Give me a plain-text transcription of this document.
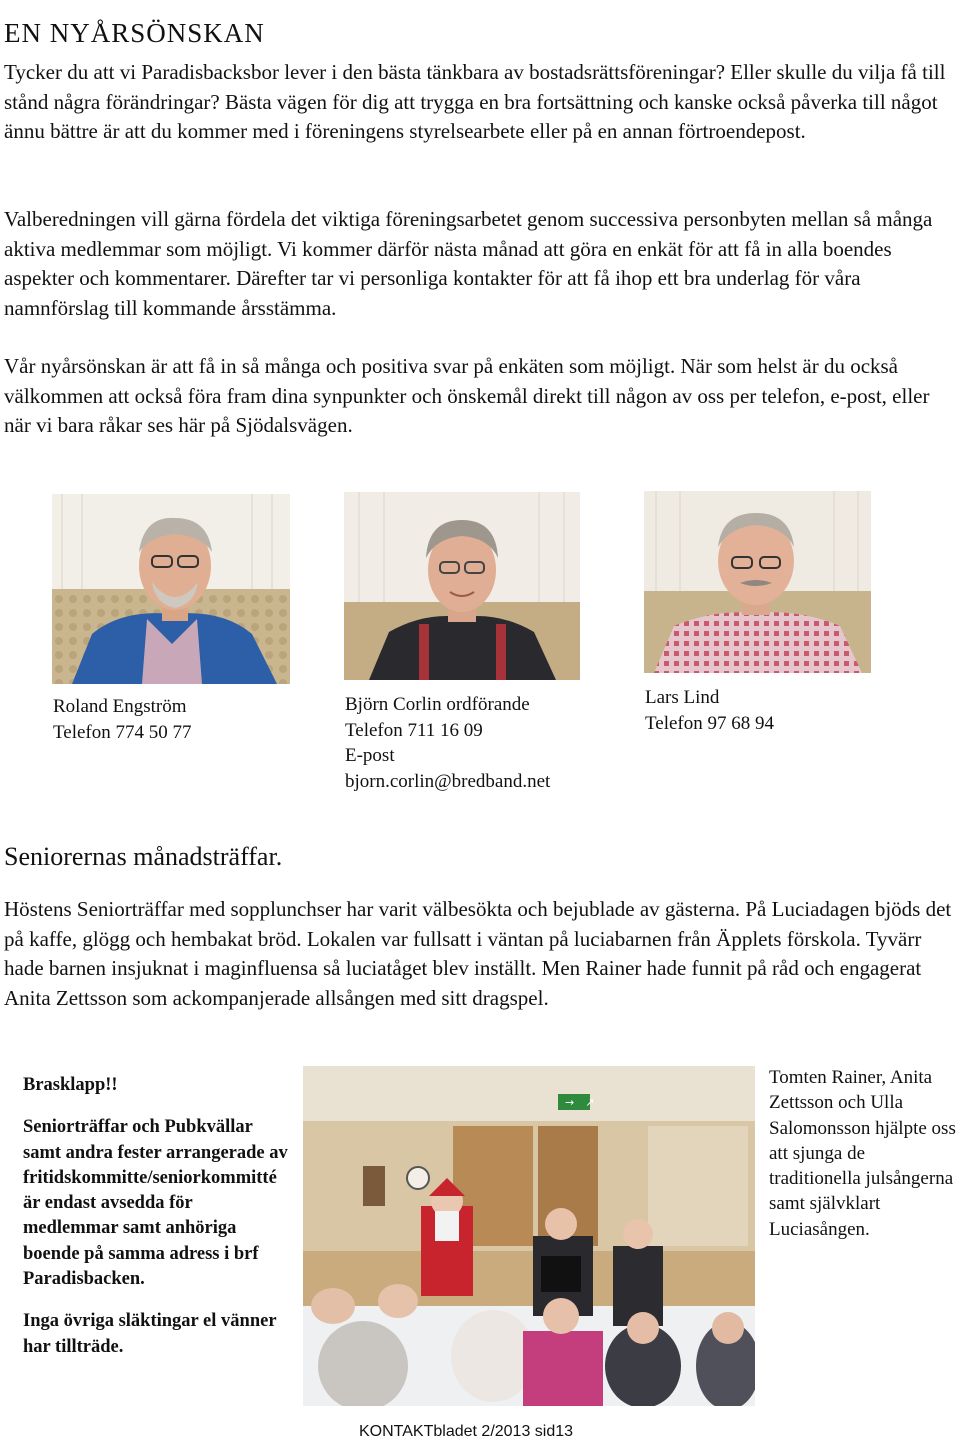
EN NYÅRSÖNSKAN

Tycker du att vi Paradisbacksbor lever i den bästa tänkbara av bostadsrättsföreningar? Eller skulle du vilja få till stånd några förändringar? Bästa vägen för dig att trygga en bra fortsättning och kanske också påverka till något ännu bättre är att du kommer med i föreningens styrelsearbete eller på en annan förtroendepost.

Valberedningen vill gärna fördela det viktiga föreningsarbetet genom successiva personbyten mellan så många aktiva medlemmar som möjligt. Vi kommer därför nästa månad att göra en enkät för att få in alla boendes aspekter och kommentarer. Därefter tar vi personliga kontakter för att få ihop ett bra underlag för våra namnförslag till kommande årsstämma.

Vår nyårsönskan är att få in så många och positiva svar på enkäten som möjligt. När som helst är du också välkommen att också föra fram dina synpunkter och önskemål direkt till någon av oss per telefon, e-post, eller när vi bara råkar ses här på Sjödalsvägen.

Roland Engström
Telefon 774 50 77
Björn Corlin ordförande
Telefon 711 16 09
E-post
bjorn.corlin@bredband.net
Lars Lind
Telefon 97 68 94
Seniorernas månadsträffar.

Höstens Seniorträffar med sopplunchser har varit välbesökta och bejublade av gästerna. På Luciadagen bjöds det på kaffe, glögg och hembakat bröd. Lokalen var fullsatt i väntan på luciabarnen från Äpplets förskola. Tyvärr hade barnen insjuknat i maginfluensa så luciatåget blev inställt. Men Rainer hade funnit på råd och engagerat Anita Zettsson som ackompanjerade allsången med sitt dragspel.

Brasklapp!!

Seniorträffar och Pubkvällar samt andra fester arrangerade av fritidskommitte/seniorkommitté är endast avsedda för medlemmar samt anhöriga boende på samma adress i brf Paradisbacken.

Inga övriga släktingar el vänner har tillträde.

→ ↗
Tomten Rainer, Anita Zettsson och Ulla Salomonsson hjälpte oss att sjunga de traditionella julsångerna samt självklart Luciasången.
KONTAKTbladet 2/2013 sid13
